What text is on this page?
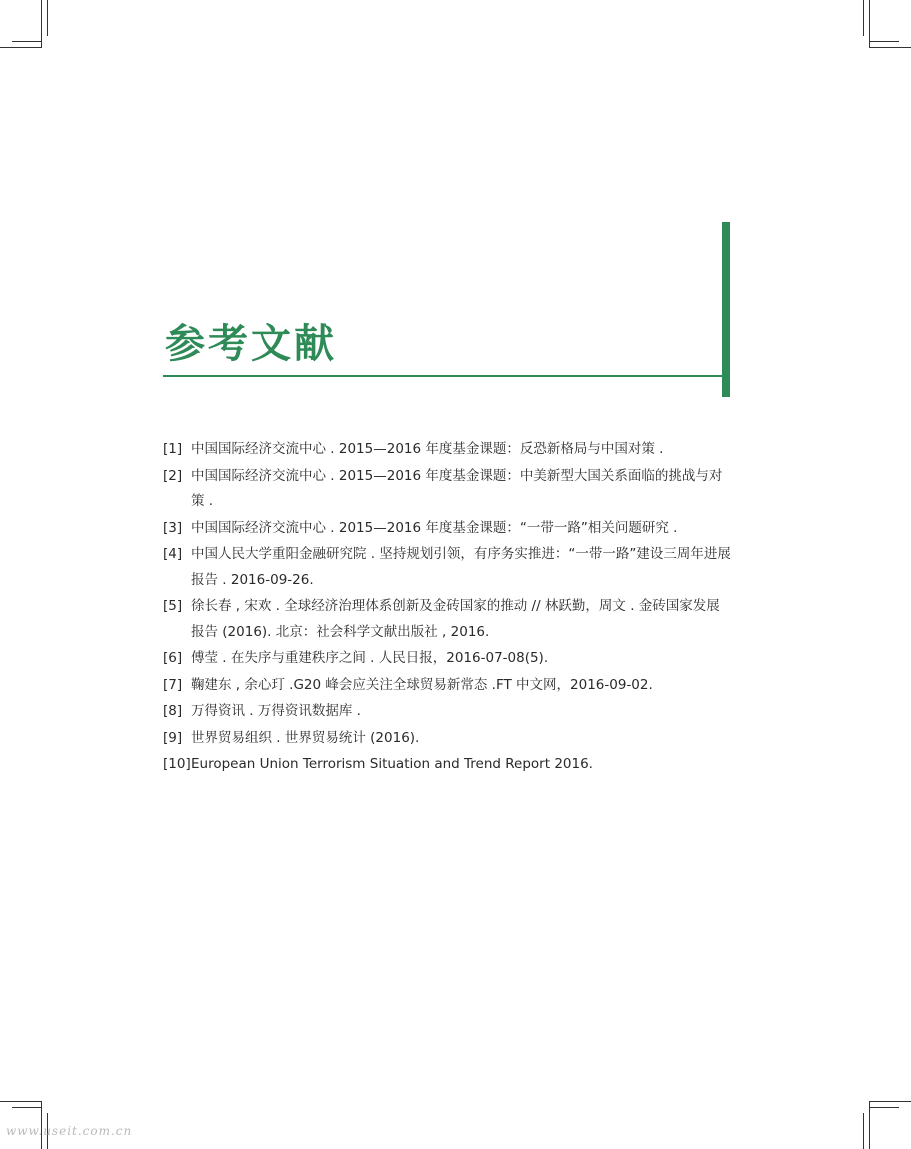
参考文献
[1] 中国国际经济交流中心 . 2015—2016 年度基金课题：反恐新格局与中国对策 .
[2] 中国国际经济交流中心 . 2015—2016 年度基金课题：中美新型大国关系面临的挑战与对策 .
[3] 中国国际经济交流中心 . 2015—2016 年度基金课题：“一带一路”相关问题研究 .
[4] 中国人民大学重阳金融研究院 . 坚持规划引领，有序务实推进：“一带一路”建设三周年进展报告 . 2016-09-26.
[5] 徐长春 , 宋欢 . 全球经济治理体系创新及金砖国家的推动 // 林跃勤，周文 . 金砖国家发展报告 (2016). 北京：社会科学文献出版社 , 2016.
[6] 傅莹 . 在失序与重建秩序之间 . 人民日报，2016-07-08(5).
[7] 鞠建东 , 余心玎 .G20 峰会应关注全球贸易新常态 .FT 中文网，2016-09-02.
[8] 万得资讯 . 万得资讯数据库 .
[9] 世界贸易组织 . 世界贸易统计 (2016).
[10] European Union Terrorism Situation and Trend Report 2016.
www.useit.com.cn
